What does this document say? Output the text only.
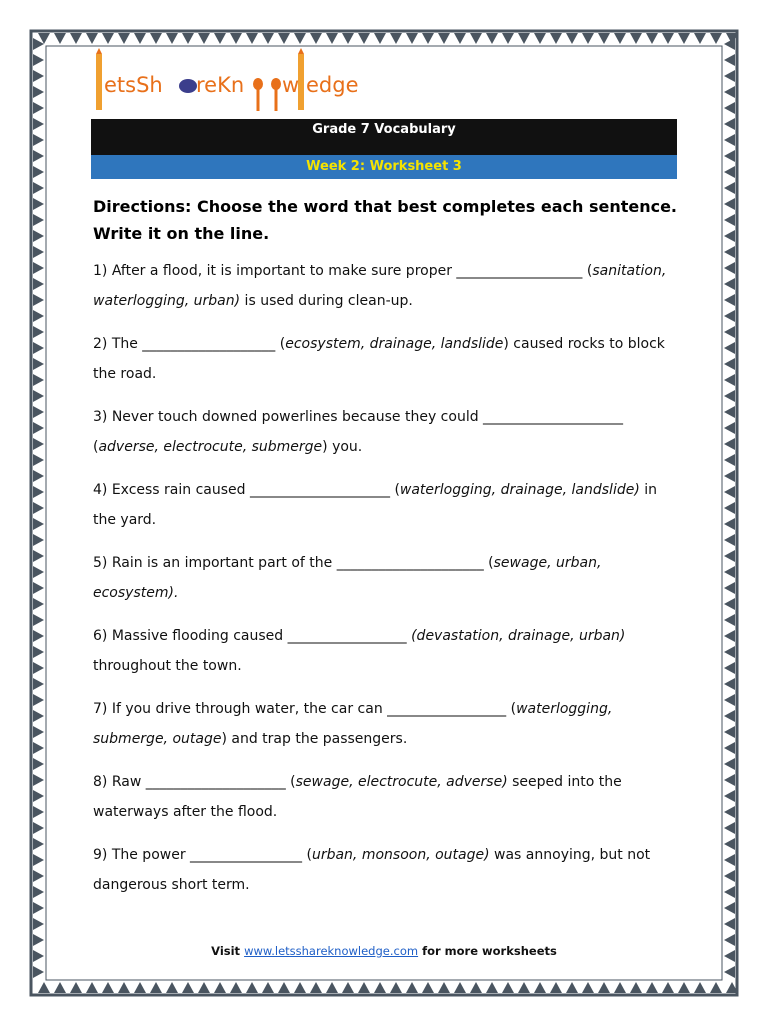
etsSh reKn w edge
Grade 7 Vocabulary
Week 2: Worksheet 3
Directions: Choose the word that best completes each sentence. Write it on the line.
1) After a flood, it is important to make sure proper __________________ (sanitation, waterlogging, urban) is used during clean-up.
2) The ___________________ (ecosystem, drainage, landslide) caused rocks to block the road.
3) Never touch downed powerlines because they could ____________________ (adverse, electrocute, submerge) you.
4) Excess rain caused ____________________ (waterlogging, drainage, landslide) in the yard.
5) Rain is an important part of the _____________________ (sewage, urban, ecosystem).
6) Massive flooding caused _________________ (devastation, drainage, urban) throughout the town.
7) If you drive through water, the car can _________________ (waterlogging, submerge, outage) and trap the passengers.
8) Raw ____________________ (sewage, electrocute, adverse) seeped into the waterways after the flood.
9) The power ________________ (urban, monsoon, outage) was annoying, but not dangerous short term.
Visit www.letsshareknowledge.com for more worksheets
